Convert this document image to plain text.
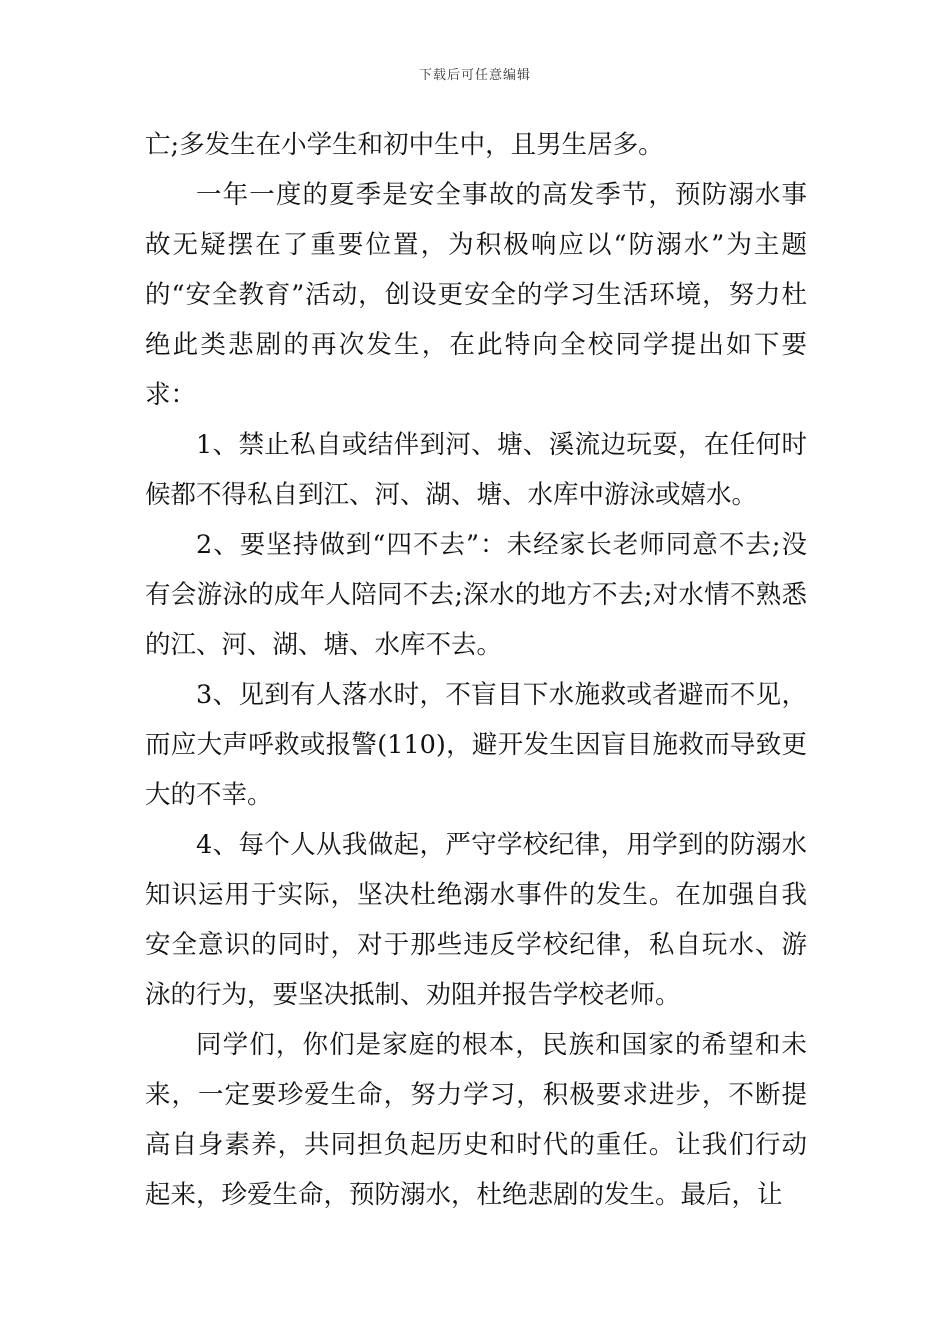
下载后可任意编辑

亡;多发生在小学生和初中生中，且男生居多。

一年一度的夏季是安全事故的高发季节，预防溺水事故无疑摆在了重要位置，为积极响应以“防溺水”为主题的“安全教育”活动，创设更安全的学习生活环境，努力杜绝此类悲剧的再次发生，在此特向全校同学提出如下要求：

1、禁止私自或结伴到河、塘、溪流边玩耍，在任何时候都不得私自到江、河、湖、塘、水库中游泳或嬉水。

2、要坚持做到“四不去”：未经家长老师同意不去;没有会游泳的成年人陪同不去;深水的地方不去;对水情不熟悉的江、河、湖、塘、水库不去。

3、见到有人落水时，不盲目下水施救或者避而不见，而应大声呼救或报警(110)，避开发生因盲目施救而导致更大的不幸。

4、每个人从我做起，严守学校纪律，用学到的防溺水知识运用于实际，坚决杜绝溺水事件的发生。在加强自我安全意识的同时，对于那些违反学校纪律，私自玩水、游泳的行为，要坚决抵制、劝阻并报告学校老师。

同学们，你们是家庭的根本，民族和国家的希望和未来，一定要珍爱生命，努力学习，积极要求进步，不断提高自身素养，共同担负起历史和时代的重任。让我们行动起来，珍爱生命，预防溺水，杜绝悲剧的发生。最后，让
